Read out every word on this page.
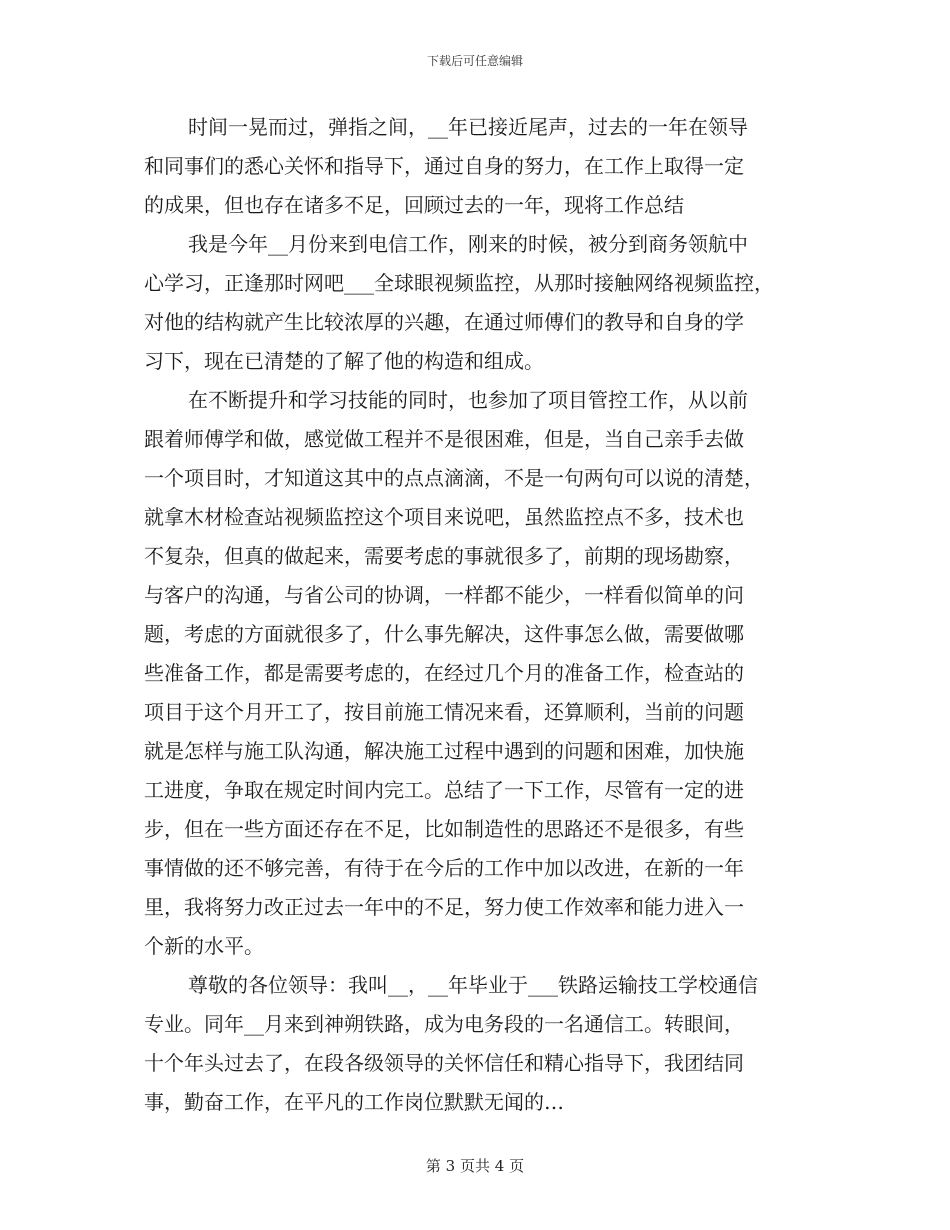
下载后可任意编辑
时间一晃而过，弹指之间，__年已接近尾声，过去的一年在领导
和同事们的悉心关怀和指导下，通过自身的努力，在工作上取得一定
的成果，但也存在诸多不足，回顾过去的一年，现将工作总结
我是今年__月份来到电信工作，刚来的时候，被分到商务领航中
心学习，正逢那时网吧___全球眼视频监控，从那时接触网络视频监控，
对他的结构就产生比较浓厚的兴趣，在通过师傅们的教导和自身的学
习下，现在已清楚的了解了他的构造和组成。
在不断提升和学习技能的同时，也参加了项目管控工作，从以前
跟着师傅学和做，感觉做工程并不是很困难，但是，当自己亲手去做
一个项目时，才知道这其中的点点滴滴，不是一句两句可以说的清楚，
就拿木材检查站视频监控这个项目来说吧，虽然监控点不多，技术也
不复杂，但真的做起来，需要考虑的事就很多了，前期的现场勘察，
与客户的沟通，与省公司的协调，一样都不能少，一样看似简单的问
题，考虑的方面就很多了，什么事先解决，这件事怎么做，需要做哪
些准备工作，都是需要考虑的，在经过几个月的准备工作，检查站的
项目于这个月开工了，按目前施工情况来看，还算顺利，当前的问题
就是怎样与施工队沟通，解决施工过程中遇到的问题和困难，加快施
工进度，争取在规定时间内完工。总结了一下工作，尽管有一定的进
步，但在一些方面还存在不足，比如制造性的思路还不是很多，有些
事情做的还不够完善，有待于在今后的工作中加以改进，在新的一年
里，我将努力改正过去一年中的不足，努力使工作效率和能力进入一
个新的水平。
尊敬的各位领导：我叫__，__年毕业于___铁路运输技工学校通信
专业。同年__月来到神朔铁路，成为电务段的一名通信工。转眼间，
十个年头过去了，在段各级领导的关怀信任和精心指导下，我团结同
事，勤奋工作，在平凡的工作岗位默默无闻的…
第 3 页共 4 页
